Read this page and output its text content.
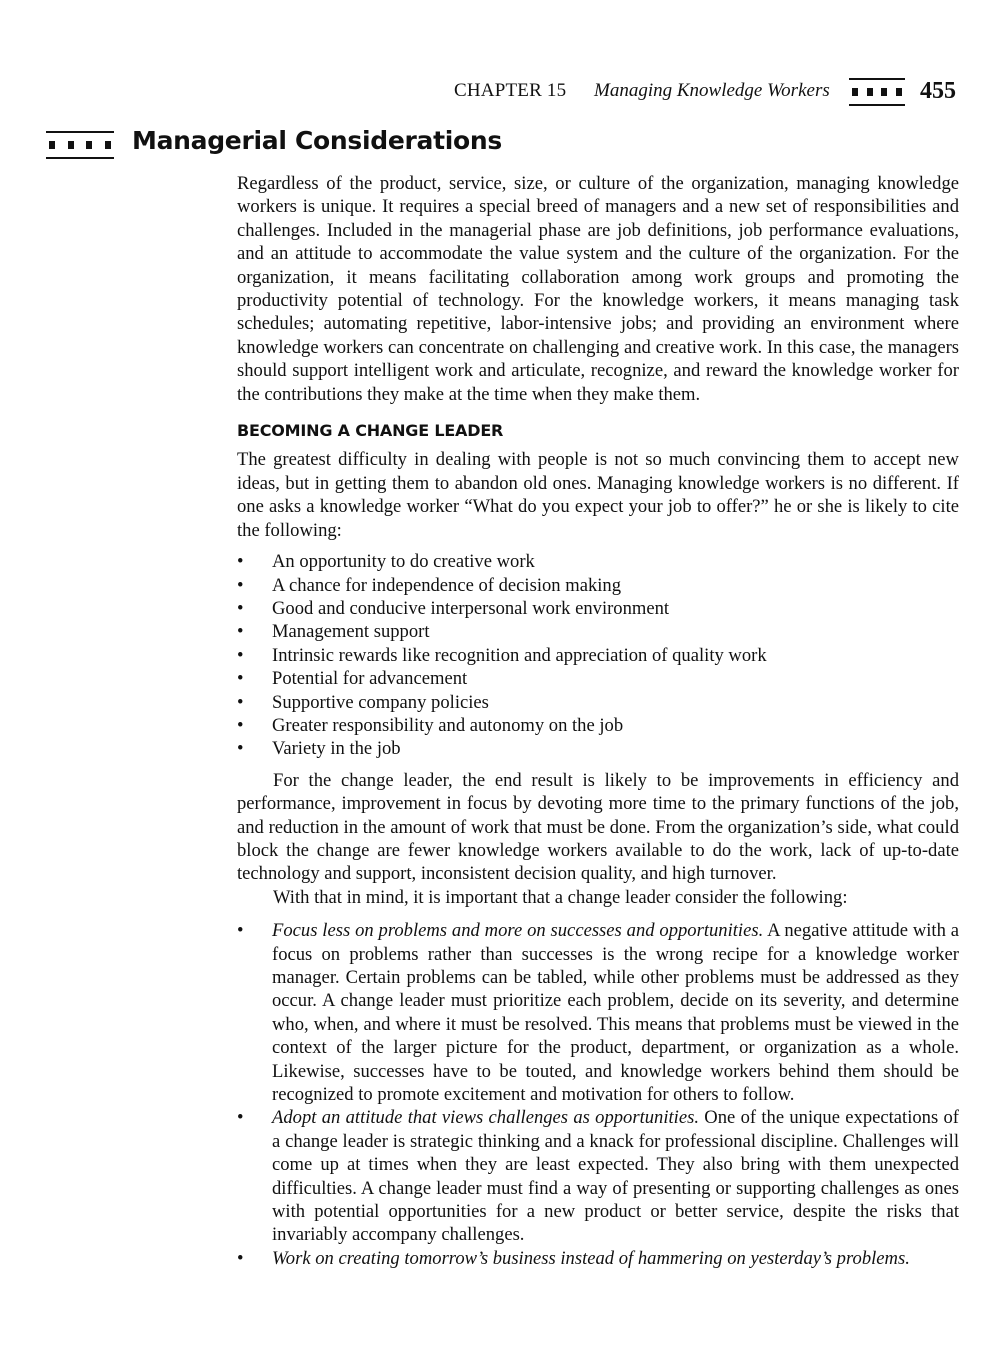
CHAPTER 15 Managing Knowledge Workers	455
Managerial Considerations

Regardless of the product, service, size, or culture of the organization, managing knowledge workers is unique. It requires a special breed of managers and a new set of responsibilities and challenges. Included in the managerial phase are job definitions, job performance evaluations, and an attitude to accommodate the value system and the culture of the organization. For the organization, it means facilitating collaboration among work groups and promoting the productivity potential of technology. For the knowledge workers, it means managing task schedules; automating repetitive, labor-intensive jobs; and providing an environment where knowledge workers can concentrate on challenging and creative work. In this case, the managers should support intelligent work and articulate, recognize, and reward the knowledge worker for the contributions they make at the time when they make them.

BECOMING A CHANGE LEADER

The greatest difficulty in dealing with people is not so much convincing them to accept new ideas, but in getting them to abandon old ones. Managing knowledge workers is no different. If one asks a knowledge worker “What do you expect your job to offer?” he or she is likely to cite the following:

• An opportunity to do creative work
• A chance for independence of decision making
• Good and conducive interpersonal work environment
• Management support
• Intrinsic rewards like recognition and appreciation of quality work
• Potential for advancement
• Supportive company policies
• Greater responsibility and autonomy on the job
• Variety in the job

For the change leader, the end result is likely to be improvements in efficiency and performance, improvement in focus by devoting more time to the primary functions of the job, and reduction in the amount of work that must be done. From the organization’s side, what could block the change are fewer knowledge workers available to do the work, lack of up-to-date technology and support, inconsistent decision quality, and high turnover.

With that in mind, it is important that a change leader consider the following:

• Focus less on problems and more on successes and opportunities. A negative attitude with a focus on problems rather than successes is the wrong recipe for a knowledge worker manager. Certain problems can be tabled, while other problems must be addressed as they occur. A change leader must prioritize each problem, decide on its severity, and determine who, when, and where it must be resolved. This means that problems must be viewed in the context of the larger picture for the product, department, or organization as a whole. Likewise, successes have to be touted, and knowledge workers behind them should be recognized to promote excitement and motivation for others to follow.
• Adopt an attitude that views challenges as opportunities. One of the unique expectations of a change leader is strategic thinking and a knack for professional discipline. Challenges will come up at times when they are least expected. They also bring with them unexpected difficulties. A change leader must find a way of presenting or supporting challenges as ones with potential opportunities for a new product or better service, despite the risks that invariably accompany challenges.
• Work on creating tomorrow’s business instead of hammering on yesterday’s problems.
